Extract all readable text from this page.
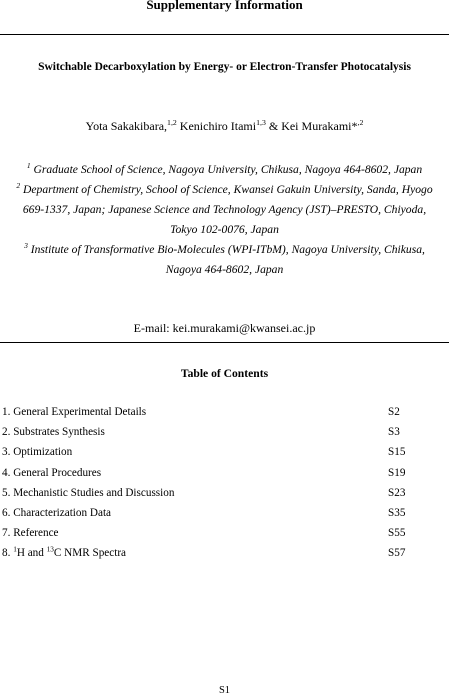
Supplementary Information
Switchable Decarboxylation by Energy- or Electron-Transfer Photocatalysis
Yota Sakakibara,$^{1,2}$ Kenichiro Itami$^{1,3}$ & Kei Murakami*$^{,2}$
$^1$ Graduate School of Science, Nagoya University, Chikusa, Nagoya 464-8602, Japan
$^2$ Department of Chemistry, School of Science, Kwansei Gakuin University, Sanda, Hyogo
669-1337, Japan; Japanese Science and Technology Agency (JST)–PRESTO, Chiyoda,
Tokyo 102-0076, Japan
$^3$ Institute of Transformative Bio-Molecules (WPI-ITbM), Nagoya University, Chikusa,
Nagoya 464-8602, Japan
E-mail: kei.murakami@kwansei.ac.jp
Table of Contents
1. General Experimental Details	S2
2. Substrates Synthesis	S3
3. Optimization	S15
4. General Procedures	S19
5. Mechanistic Studies and Discussion	S23
6. Characterization Data	S35
7. Reference	S55
8. $^1$H and $^{13}$C NMR Spectra	S57
S1
